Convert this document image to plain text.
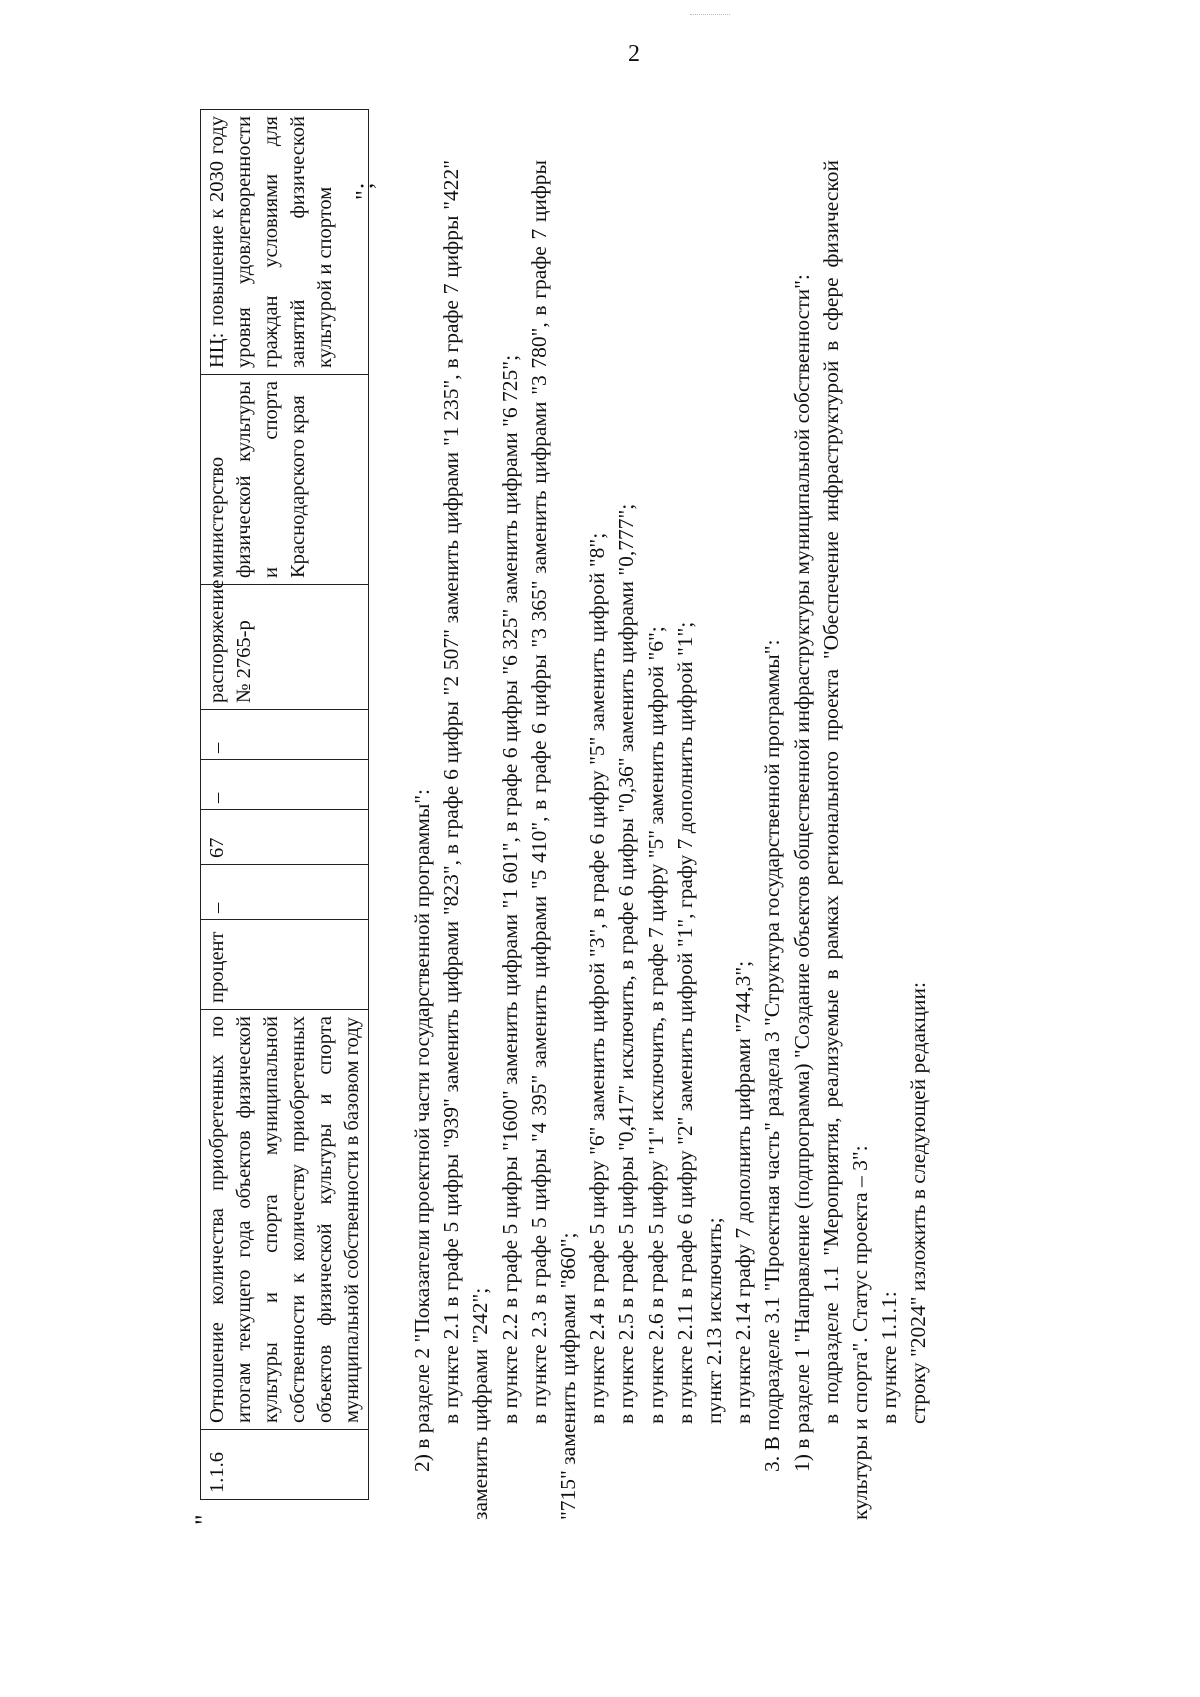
2
"
1.1.6	Отношение количества приобретенных по итогам текущего года объектов физической культуры и спорта муниципальной собственности к количеству приобретенных объектов физической культуры и спорта муниципальной собственности в базовом году	процент	–	67	–	–	распоряжение № 2765-р	министерство физической культуры и спорта Краснодарского края	НЦ: повышение к 2030 году уровня удовлетворенности граждан условиями для занятий физической культурой и спортом ";

2) в разделе 2 "Показатели проектной части государственной программы": в пункте 2.1 в графе 5 цифры "939" заменить цифрами "823", в графе 6 цифры "2 507" заменить цифрами "1 235", в графе 7 цифры "422" заменить цифрами "242"; в пункте 2.2 в графе 5 цифры "1600" заменить цифрами "1 601", в графе 6 цифры "6 325" заменить цифрами "6 725"; в пункте 2.3 в графе 5 цифры "4 395" заменить цифрами "5 410", в графе 6 цифры "3 365" заменить цифрами "3 780", в графе 7 цифры "715" заменить цифрами "860"; в пункте 2.4 в графе 5 цифру "6" заменить цифрой "3", в графе 6 цифру "5" заменить цифрой "8"; в пункте 2.5 в графе 5 цифры "0,417" исключить, в графе 6 цифры "0,36" заменить цифрами "0,777"; в пункте 2.6 в графе 5 цифру "1" исключить, в графе 7 цифру "5" заменить цифрой "6"; в пункте 2.11 в графе 6 цифру "2" заменить цифрой "1", графу 7 дополнить цифрой "1"; пункт 2.13 исключить; в пункте 2.14 графу 7 дополнить цифрами "744,3"; 3. В подразделе 3.1 "Проектная часть" раздела 3 "Структура государственной программы": 1) в разделе 1 "Направление (подпрограмма) "Создание объектов общественной инфраструктуры муниципальной собственности": в подразделе 1.1 "Мероприятия, реализуемые в рамках регионального проекта "Обеспечение инфраструктурой в сфере физической культуры и спорта". Статус проекта – 3": в пункте 1.1.1: строку "2024" изложить в следующей редакции:
